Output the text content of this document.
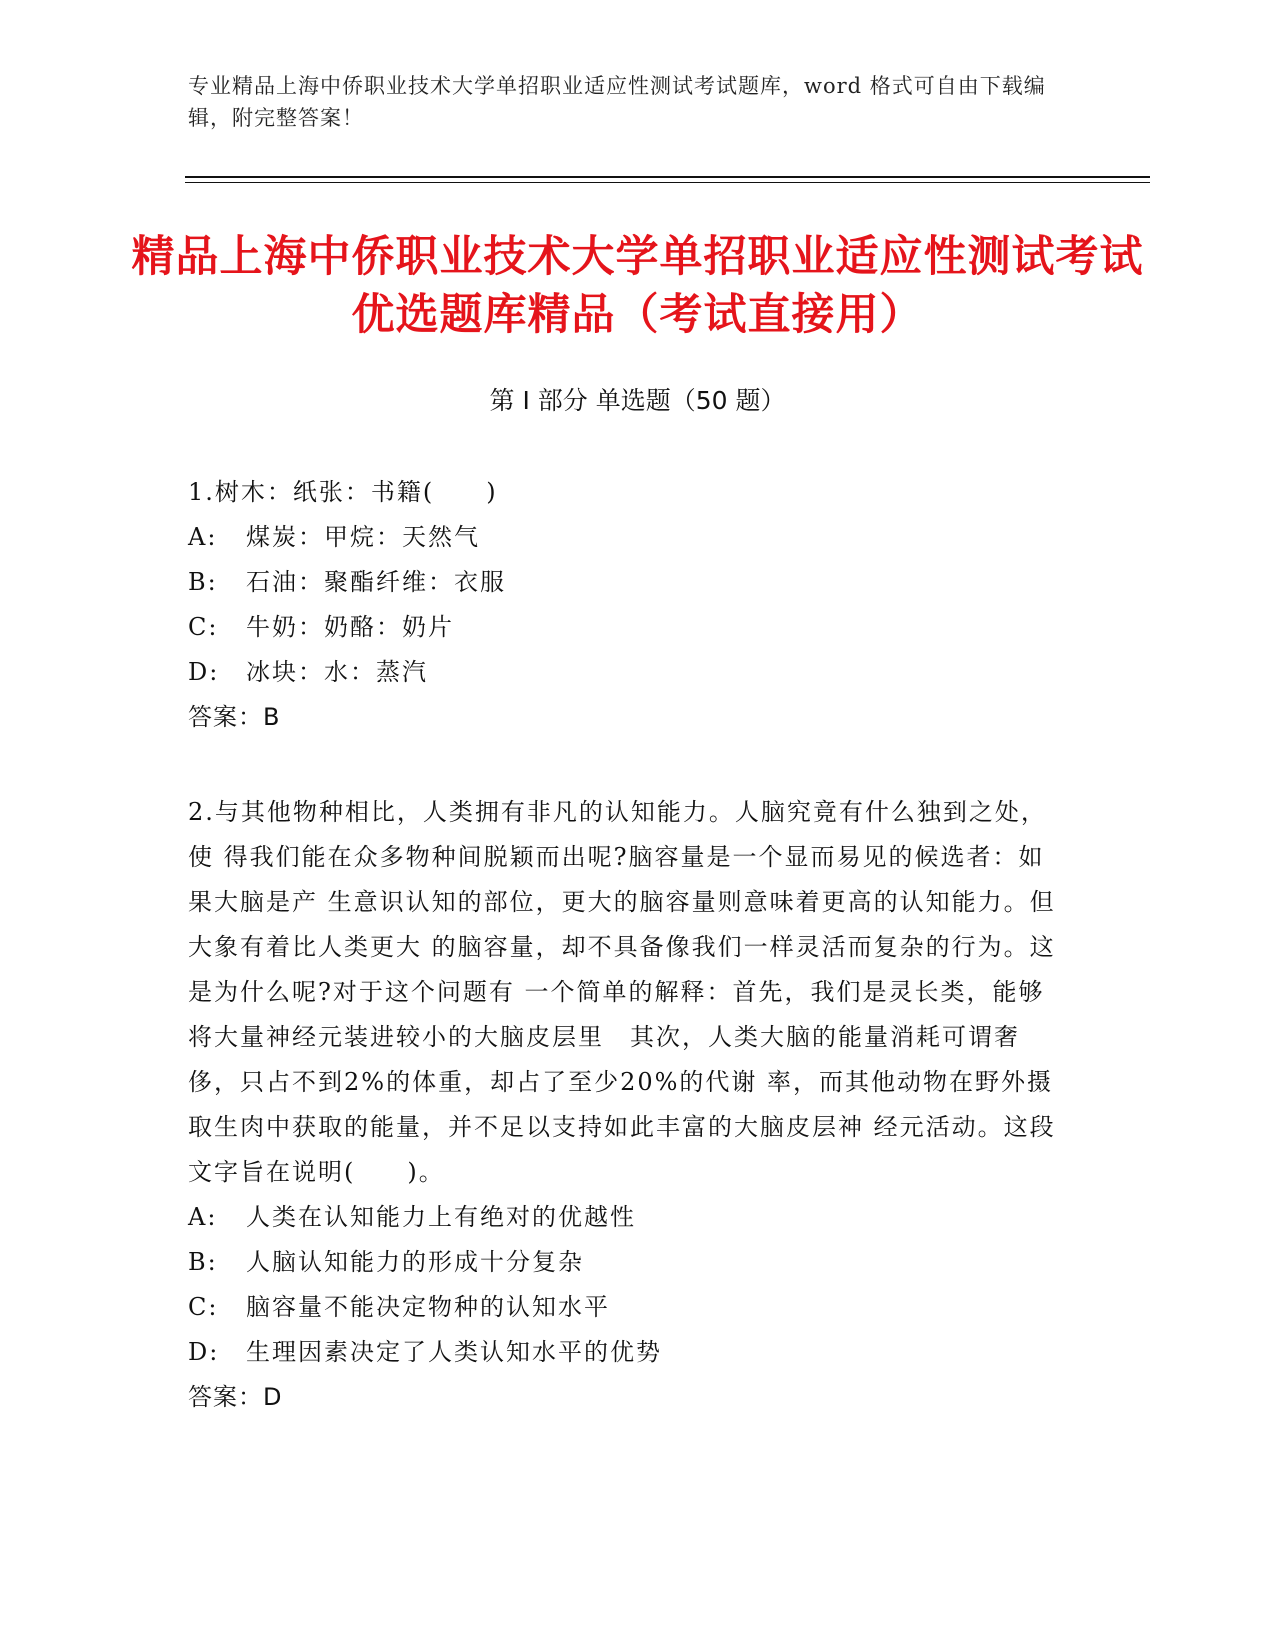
专业精品上海中侨职业技术大学单招职业适应性测试考试题库，word 格式可自由下载编辑，附完整答案！
精品上海中侨职业技术大学单招职业适应性测试考试优选题库精品（考试直接用）
第 I 部分 单选题（50 题）

1.树木：纸张：书籍(　　)

A:	煤炭：甲烷：天然气

B:	石油：聚酯纤维：衣服

C:	牛奶：奶酪：奶片

D:	冰块：水：蒸汽

答案：B

2.与其他物种相比，人类拥有非凡的认知能力。人脑究竟有什么独到之处，使 得我们能在众多物种间脱颖而出呢?脑容量是一个显而易见的候选者：如果大脑是产 生意识认知的部位，更大的脑容量则意味着更高的认知能力。但大象有着比人类更大 的脑容量，却不具备像我们一样灵活而复杂的行为。这是为什么呢?对于这个问题有 一个简单的解释：首先，我们是灵长类，能够将大量神经元装进较小的大脑皮层里　其次，人类大脑的能量消耗可谓奢侈，只占不到2%的体重，却占了至少20%的代谢 率，而其他动物在野外摄取生肉中获取的能量，并不足以支持如此丰富的大脑皮层神 经元活动。这段文字旨在说明(　　)。

A:	人类在认知能力上有绝对的优越性

B:	人脑认知能力的形成十分复杂

C:	脑容量不能决定物种的认知水平

D:	生理因素决定了人类认知水平的优势

答案：D
